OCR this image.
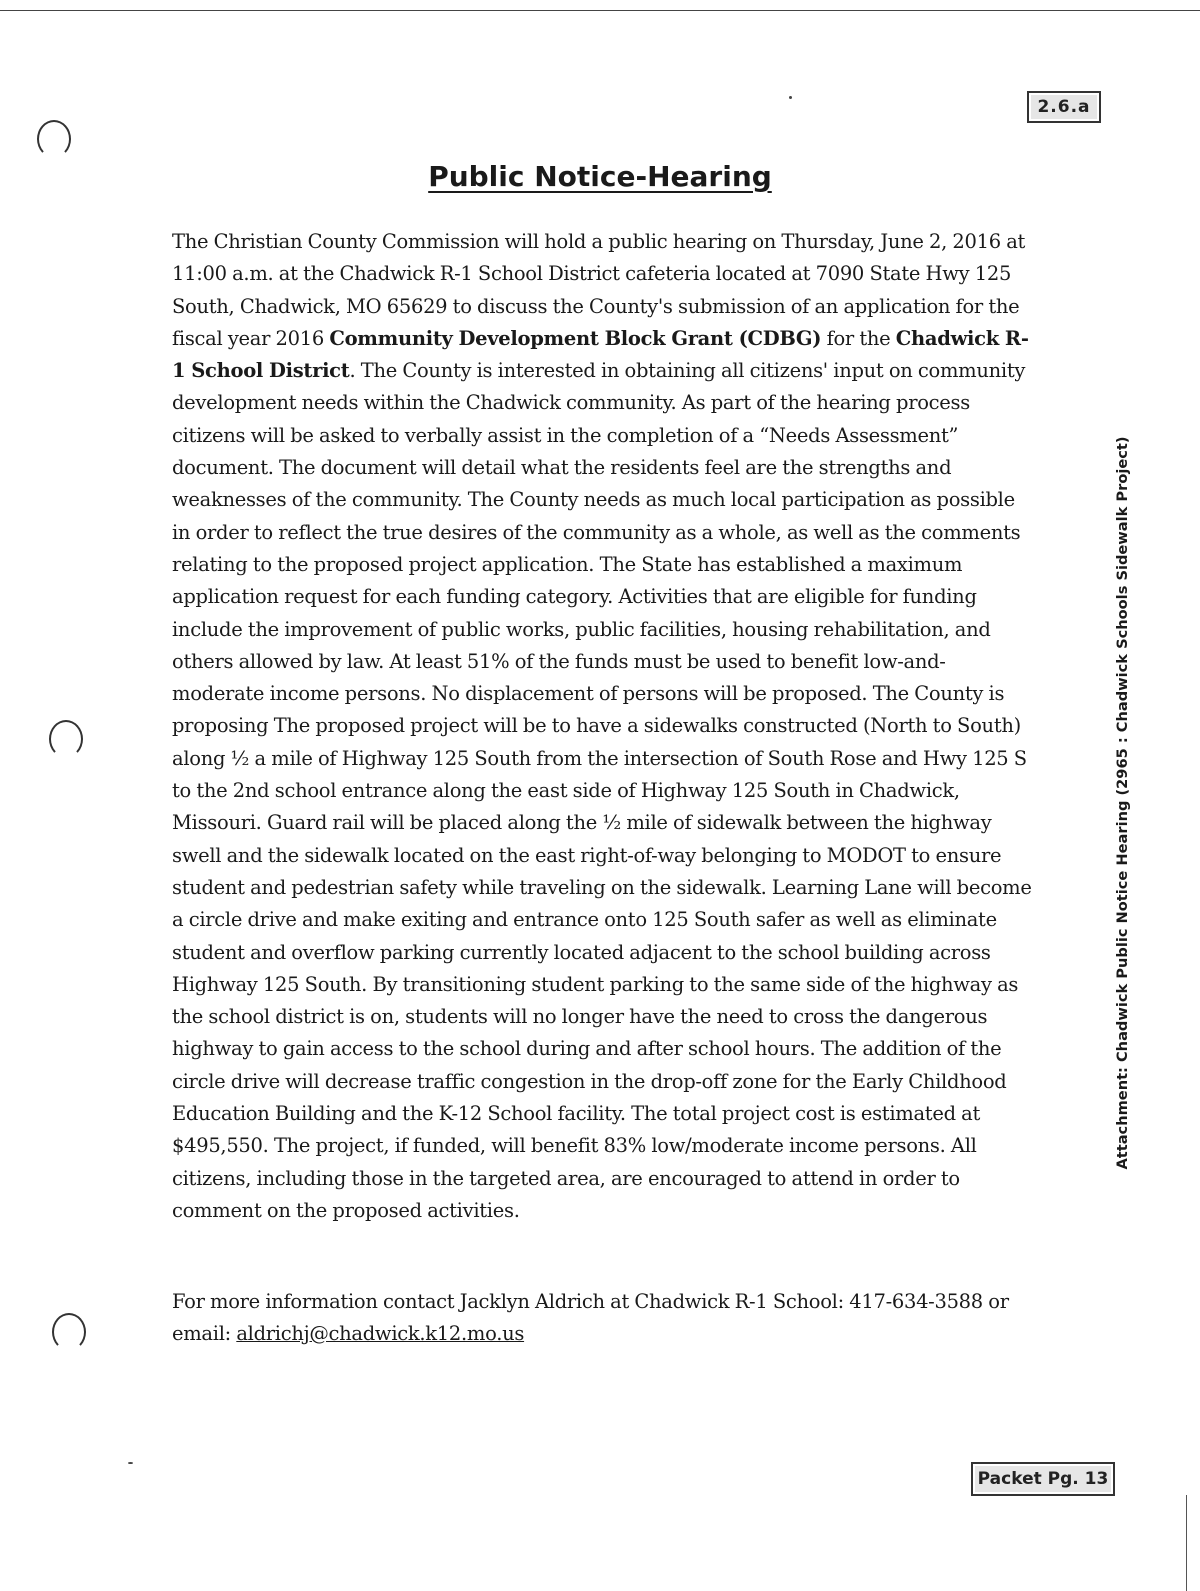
2.6.a
Public Notice-Hearing

The Christian County Commission will hold a public hearing on Thursday, June 2, 2016 at 11:00 a.m. at the Chadwick R-1 School District cafeteria located at 7090 State Hwy 125 South, Chadwick, MO 65629 to discuss the County's submission of an application for the fiscal year 2016 Community Development Block Grant (CDBG) for the Chadwick R-1 School District. The County is interested in obtaining all citizens' input on community development needs within the Chadwick community. As part of the hearing process citizens will be asked to verbally assist in the completion of a “Needs Assessment” document. The document will detail what the residents feel are the strengths and weaknesses of the community. The County needs as much local participation as possible in order to reflect the true desires of the community as a whole, as well as the comments relating to the proposed project application. The State has established a maximum application request for each funding category. Activities that are eligible for funding include the improvement of public works, public facilities, housing rehabilitation, and others allowed by law. At least 51% of the funds must be used to benefit low-and-moderate income persons. No displacement of persons will be proposed. The County is proposing The proposed project will be to have a sidewalks constructed (North to South) along ½ a mile of Highway 125 South from the intersection of South Rose and Hwy 125 S to the 2nd school entrance along the east side of Highway 125 South in Chadwick, Missouri. Guard rail will be placed along the ½ mile of sidewalk between the highway swell and the sidewalk located on the east right-of-way belonging to MODOT to ensure student and pedestrian safety while traveling on the sidewalk. Learning Lane will become a circle drive and make exiting and entrance onto 125 South safer as well as eliminate student and overflow parking currently located adjacent to the school building across Highway 125 South. By transitioning student parking to the same side of the highway as the school district is on, students will no longer have the need to cross the dangerous highway to gain access to the school during and after school hours. The addition of the circle drive will decrease traffic congestion in the drop-off zone for the Early Childhood Education Building and the K-12 School facility. The total project cost is estimated at $495,550. The project, if funded, will benefit 83% low/moderate income persons. All citizens, including those in the targeted area, are encouraged to attend in order to comment on the proposed activities.

For more information contact Jacklyn Aldrich at Chadwick R-1 School: 417-634-3588 or email: aldrichj@chadwick.k12.mo.us

Attachment: Chadwick Public Notice Hearing (2965 : Chadwick Schools Sidewalk Project)
Packet Pg. 13
